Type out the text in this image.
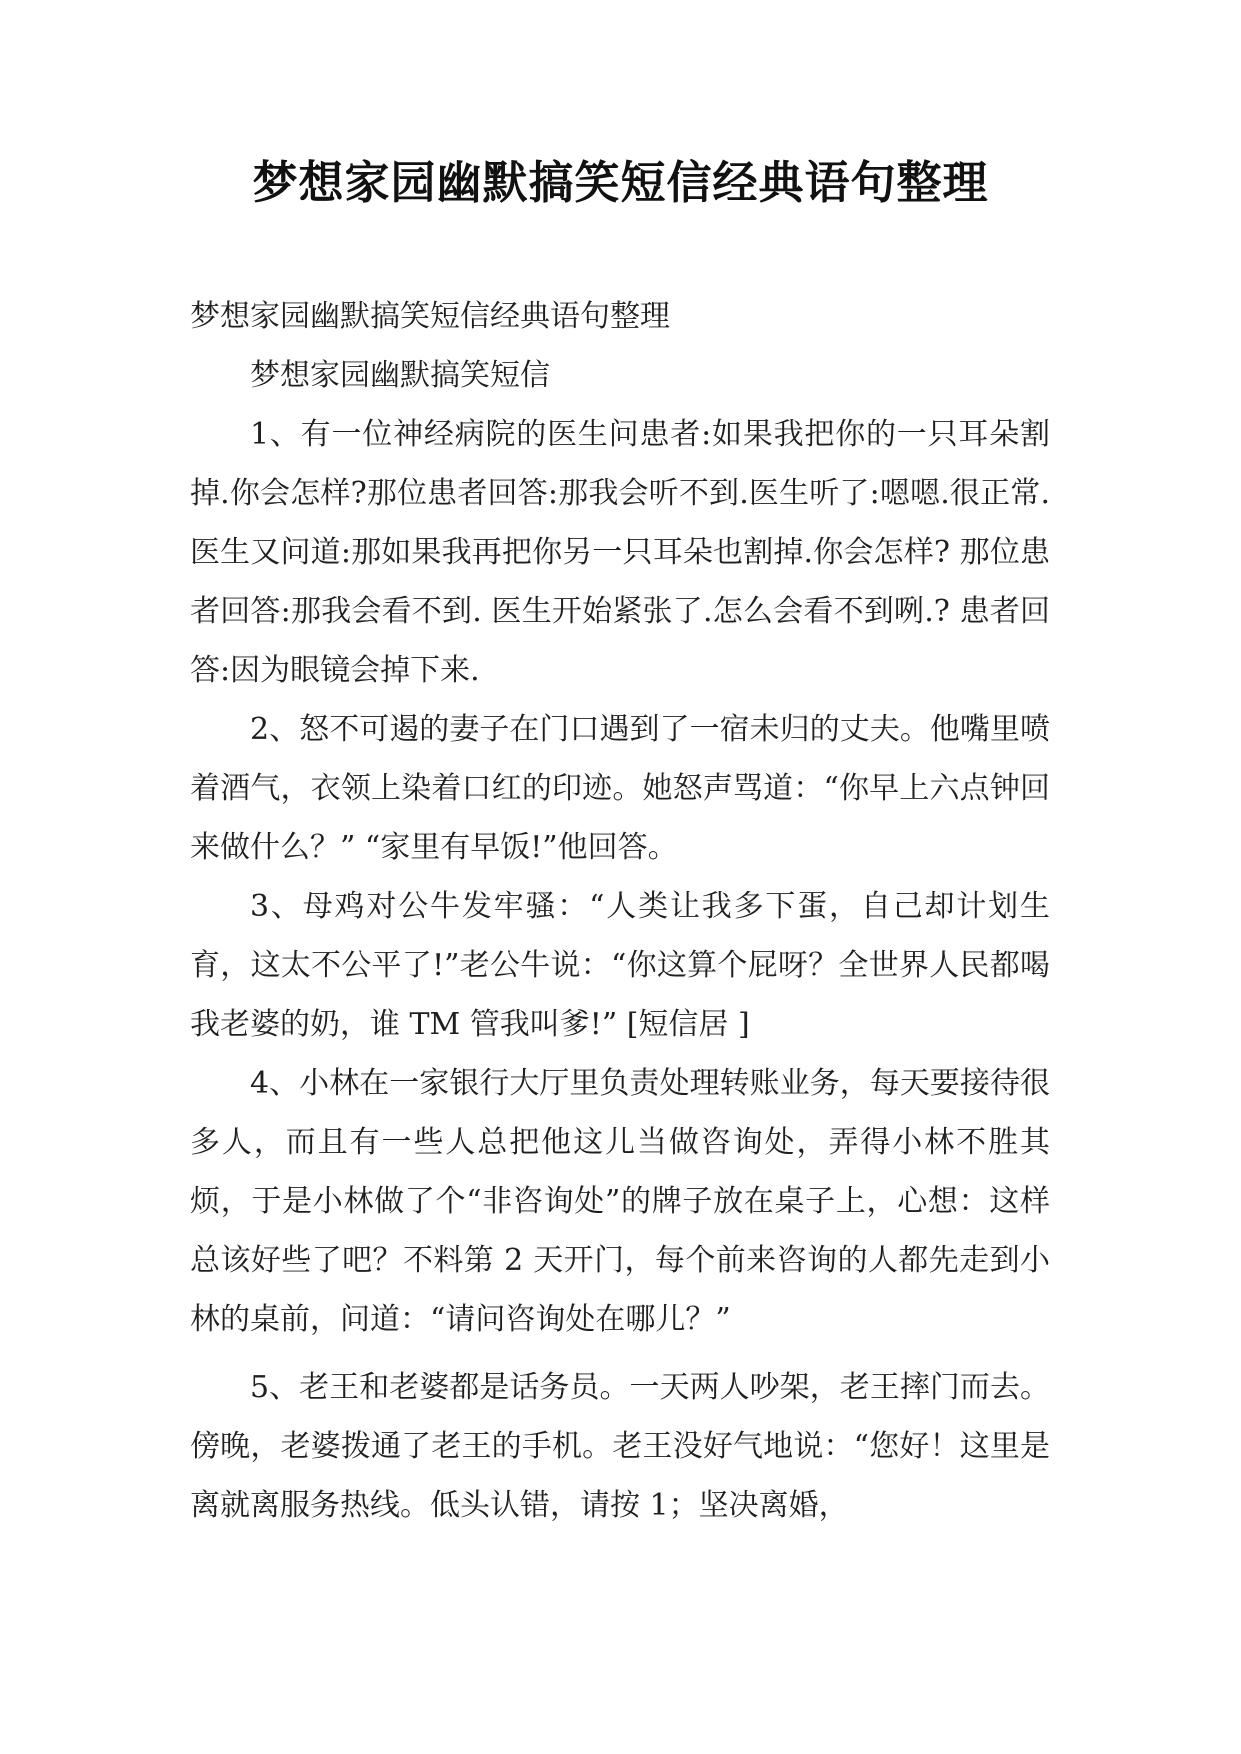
梦想家园幽默搞笑短信经典语句整理

梦想家园幽默搞笑短信经典语句整理

梦想家园幽默搞笑短信

1、有一位神经病院的医生问患者:如果我把你的一只耳朵割掉.你会怎样?那位患者回答:那我会听不到.医生听了:嗯嗯.很正常. 医生又问道:那如果我再把你另一只耳朵也割掉.你会怎样? 那位患者回答:那我会看不到. 医生开始紧张了.怎么会看不到咧.? 患者回答:因为眼镜会掉下来.

2、怒不可遏的妻子在门口遇到了一宿未归的丈夫。他嘴里喷着酒气，衣领上染着口红的印迹。她怒声骂道：“你早上六点钟回来做什么？” “家里有早饭!”他回答。

3、母鸡对公牛发牢骚：“人类让我多下蛋，自己却计划生育，这太不公平了!”老公牛说：“你这算个屁呀？全世界人民都喝我老婆的奶，谁 TM 管我叫爹!” [短信居 ]

4、小林在一家银行大厅里负责处理转账业务，每天要接待很多人，而且有一些人总把他这儿当做咨询处，弄得小林不胜其烦，于是小林做了个“非咨询处”的牌子放在桌子上，心想：这样总该好些了吧？不料第 2 天开门，每个前来咨询的人都先走到小林的桌前，问道：“请问咨询处在哪儿？”

5、老王和老婆都是话务员。一天两人吵架，老王摔门而去。傍晚，老婆拨通了老王的手机。老王没好气地说：“您好！这里是离就离服务热线。低头认错，请按 1；坚决离婚，
